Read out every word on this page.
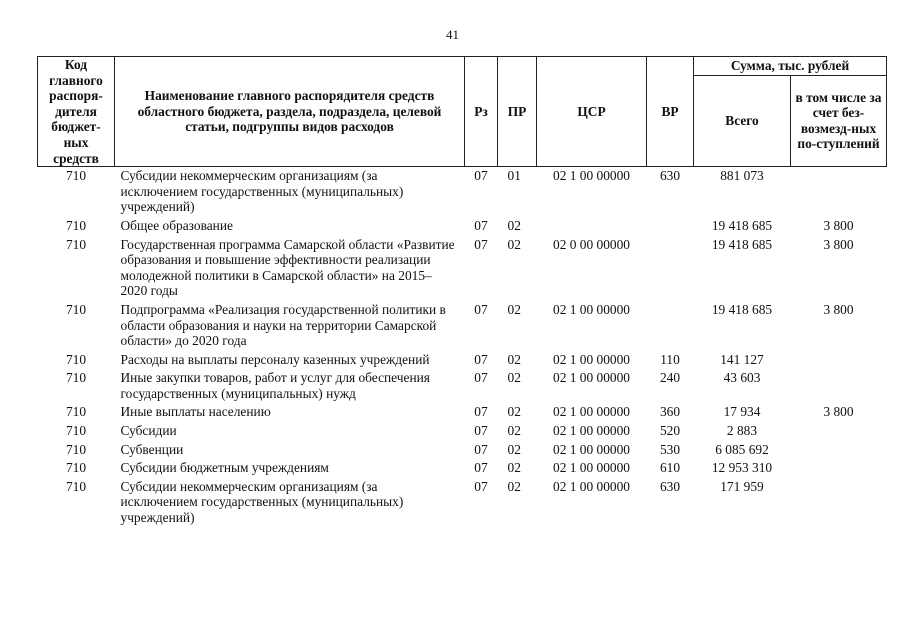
41
Код главного распоря-дителя бюджет-ных средств	Наименование главного распорядителя средств областного бюджета, раздела, подраздела, целевой статьи, подгруппы видов расходов	Рз	ПР	ЦСР	ВР	Сумма, тыс. рублей	
						Всего	в том числе за счет без-возмезд-ных по-ступлений
710	Субсидии некоммерческим организациям (за исключением государственных (муниципальных) учреждений)	07	01	02 1 00 00000	630	881 073	
710	Общее образование	07	02			19 418 685	3 800
710	Государственная программа Самарской области «Развитие образования и повышение эффективности реализации молодежной политики в Самарской области» на 2015–2020 годы	07	02	02 0 00 00000		19 418 685	3 800
710	Подпрограмма «Реализация государственной политики в области образования и науки на территории Самарской области» до 2020 года	07	02	02 1 00 00000		19 418 685	3 800
710	Расходы на выплаты персоналу казенных учреждений	07	02	02 1 00 00000	110	141 127	
710	Иные закупки товаров, работ и услуг для обеспечения государственных (муниципальных) нужд	07	02	02 1 00 00000	240	43 603	
710	Иные выплаты населению	07	02	02 1 00 00000	360	17 934	3 800
710	Субсидии	07	02	02 1 00 00000	520	2 883	
710	Субвенции	07	02	02 1 00 00000	530	6 085 692	
710	Субсидии бюджетным учреждениям	07	02	02 1 00 00000	610	12 953 310	
710	Субсидии некоммерческим организациям (за исключением государственных (муниципальных) учреждений)	07	02	02 1 00 00000	630	171 959	
